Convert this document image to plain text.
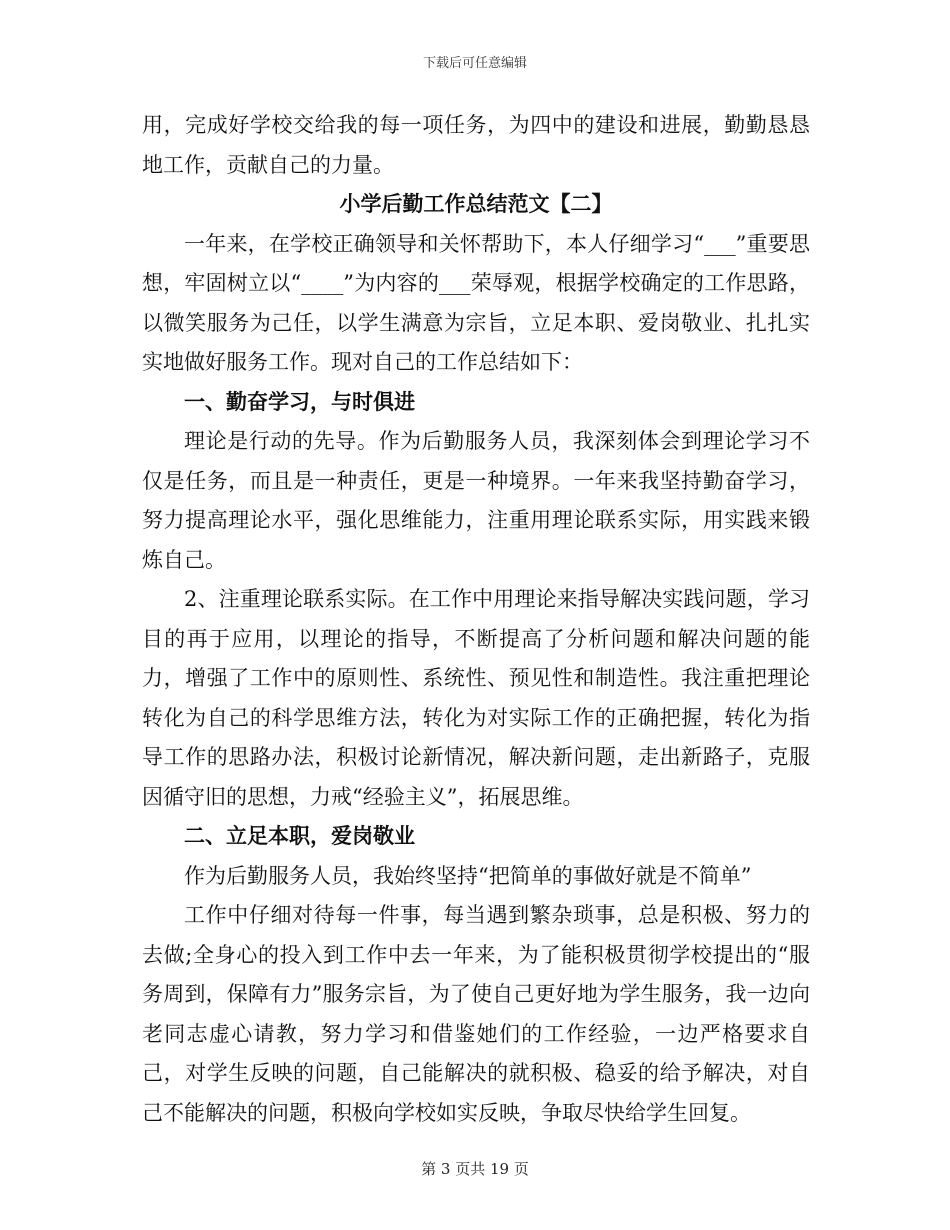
下载后可任意编辑

用，完成好学校交给我的每一项任务，为四中的建设和进展，勤勤恳恳地工作，贡献自己的力量。

小学后勤工作总结范文【二】

一年来，在学校正确领导和关怀帮助下，本人仔细学习“___”重要思想，牢固树立以“____”为内容的___荣辱观，根据学校确定的工作思路，以微笑服务为己任，以学生满意为宗旨，立足本职、爱岗敬业、扎扎实实地做好服务工作。现对自己的工作总结如下：

一、勤奋学习，与时俱进

理论是行动的先导。作为后勤服务人员，我深刻体会到理论学习不仅是任务，而且是一种责任，更是一种境界。一年来我坚持勤奋学习，努力提高理论水平，强化思维能力，注重用理论联系实际，用实践来锻炼自己。

2、注重理论联系实际。在工作中用理论来指导解决实践问题，学习目的再于应用，以理论的指导，不断提高了分析问题和解决问题的能力，增强了工作中的原则性、系统性、预见性和制造性。我注重把理论转化为自己的科学思维方法，转化为对实际工作的正确把握，转化为指导工作的思路办法，积极讨论新情况，解决新问题，走出新路子，克服因循守旧的思想，力戒“经验主义”，拓展思维。

二、立足本职，爱岗敬业

作为后勤服务人员，我始终坚持“把简单的事做好就是不简单”

工作中仔细对待每一件事，每当遇到繁杂琐事，总是积极、努力的去做;全身心的投入到工作中去一年来，为了能积极贯彻学校提出的“服务周到，保障有力”服务宗旨，为了使自己更好地为学生服务，我一边向老同志虚心请教，努力学习和借鉴她们的工作经验，一边严格要求自己，对学生反映的问题，自己能解决的就积极、稳妥的给予解决，对自己不能解决的问题，积极向学校如实反映，争取尽快给学生回复。

第 3 页共 19 页
